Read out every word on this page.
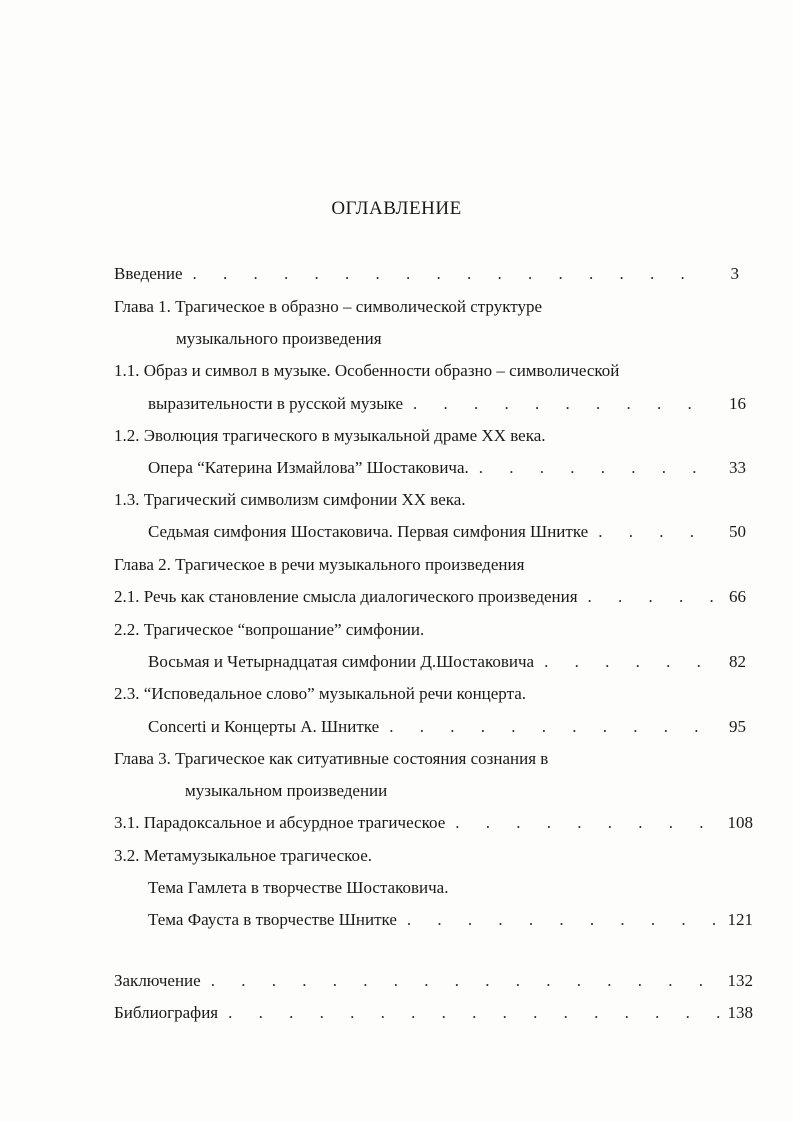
ОГЛАВЛЕНИЕ
Введение . . .	3
Глава 1. Трагическое в образно – символической структуре
музыкального произведения
1.1. Образ и символ в музыке. Особенности образно – символической
выразительности в русской музыке . . .	16
1.2. Эволюция трагического в музыкальной драме XX века.
Опера “Катерина Измайлова” Шостаковича. . . .	33
1.3. Трагический символизм симфонии XX века.
Седьмая симфония Шостаковича. Первая симфония Шнитке . . .	50
Глава 2. Трагическое в речи музыкального произведения
2.1. Речь как становление смысла диалогического произведения . . .	66
2.2. Трагическое “вопрошание” симфонии.
Восьмая и Четырнадцатая симфонии Д.Шостаковича . . .	82
2.3. “Исповедальное слово” музыкальной речи концерта.
Concerti и Концерты А. Шнитке . . .	95
Глава 3. Трагическое как ситуативные состояния сознания в
музыкальном произведении
3.1. Парадоксальное и абсурдное трагическое . . .	108
3.2. Метамузыкальное трагическое.
Тема Гамлета в творчестве Шостаковича.
Тема Фауста в творчестве Шнитке . . .	121
Заключение . . .	132
Библиография . . .	138
